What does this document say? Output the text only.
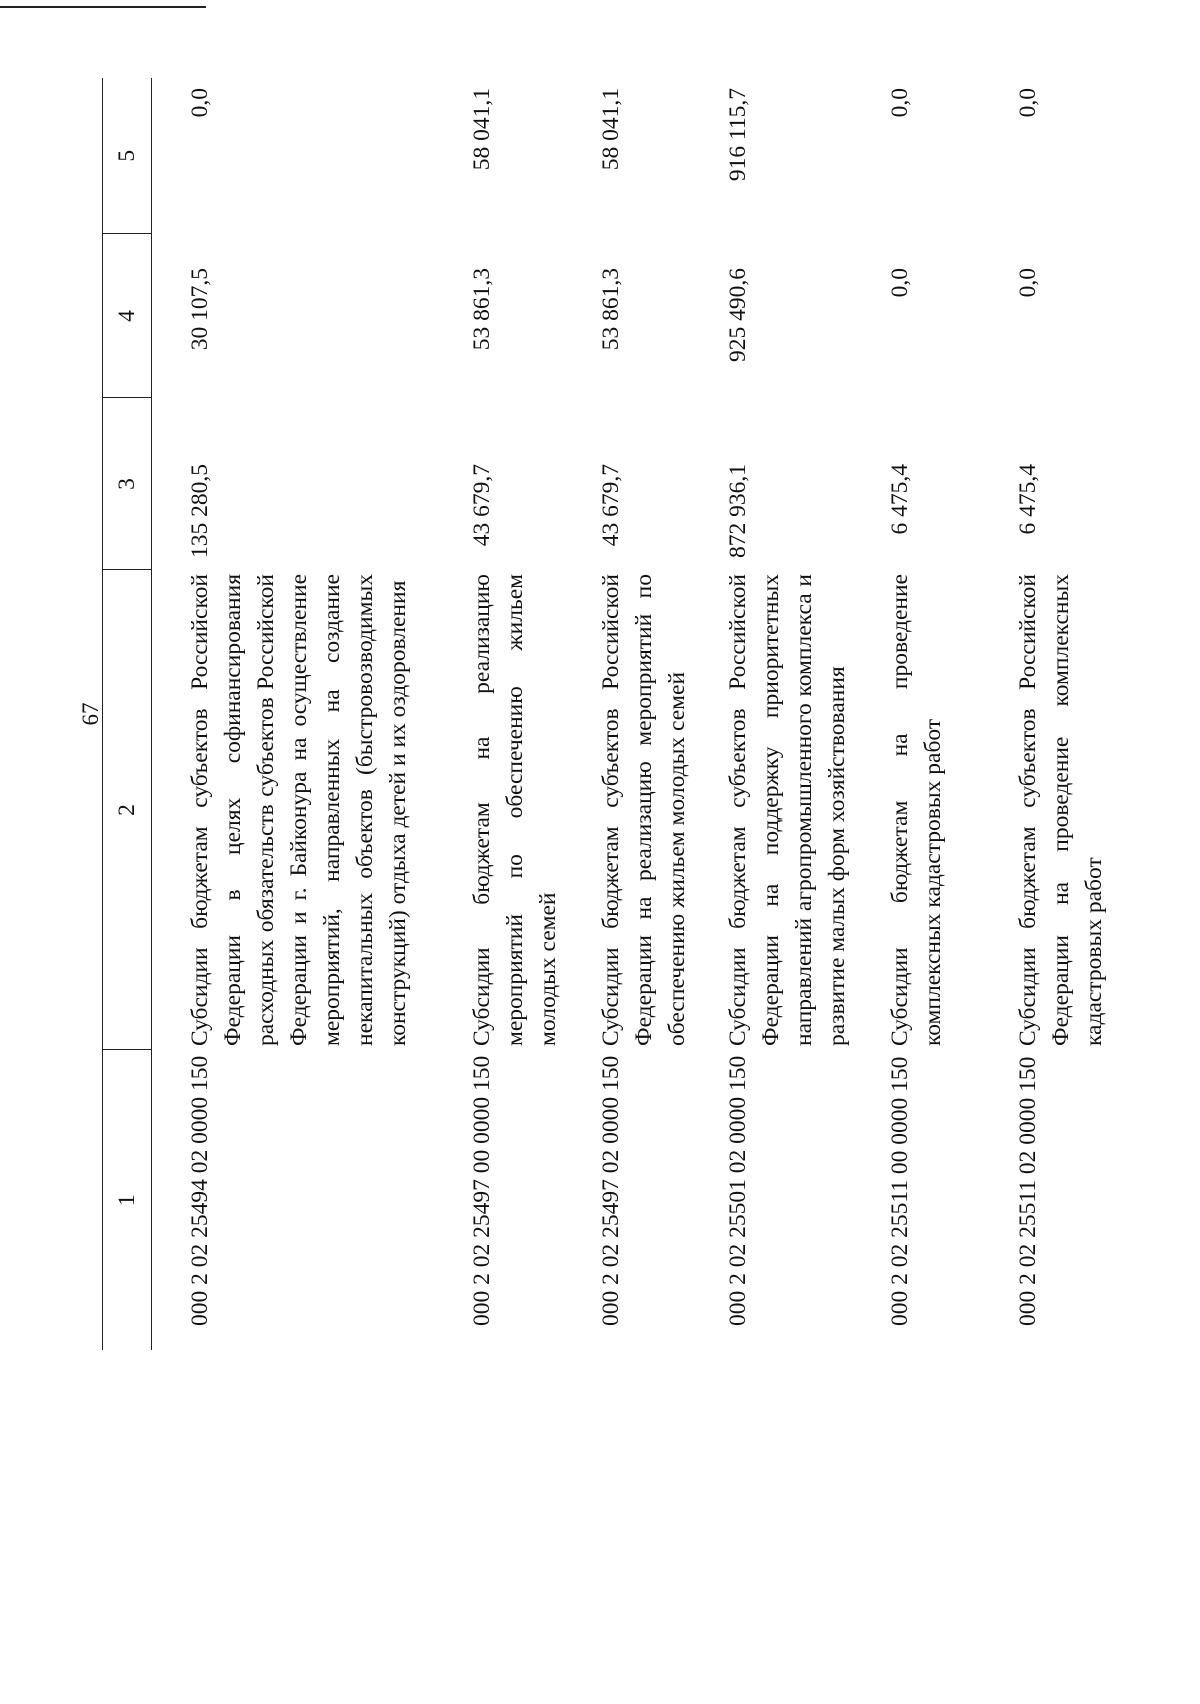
67
1	2	3	4	5
000 2 02 25494 02 0000 150	Субсидии бюджетам субъектов Российской Федерации в целях софинансирования расходных обязательств субъектов Российской Федерации и г. Байконура на осуществление мероприятий, направленных на создание некапитальных объектов (быстровозводимых конструкций) отдыха детей и их оздоровления	135 280,5	30 107,5	0,0
000 2 02 25497 00 0000 150	Субсидии бюджетам на реализацию мероприятий по обеспечению жильем молодых семей	43 679,7	53 861,3	58 041,1
000 2 02 25497 02 0000 150	Субсидии бюджетам субъектов Российской Федерации на реализацию мероприятий по обеспечению жильем молодых семей	43 679,7	53 861,3	58 041,1
000 2 02 25501 02 0000 150	Субсидии бюджетам субъектов Российской Федерации на поддержку приоритетных направлений агропромышленного комплекса и развитие малых форм хозяйствования	872 936,1	925 490,6	916 115,7
000 2 02 25511 00 0000 150	Субсидии бюджетам на проведение комплексных кадастровых работ	6 475,4	0,0	0,0
000 2 02 25511 02 0000 150	Субсидии бюджетам субъектов Российской Федерации на проведение комплексных кадастровых работ	6 475,4	0,0	0,0
